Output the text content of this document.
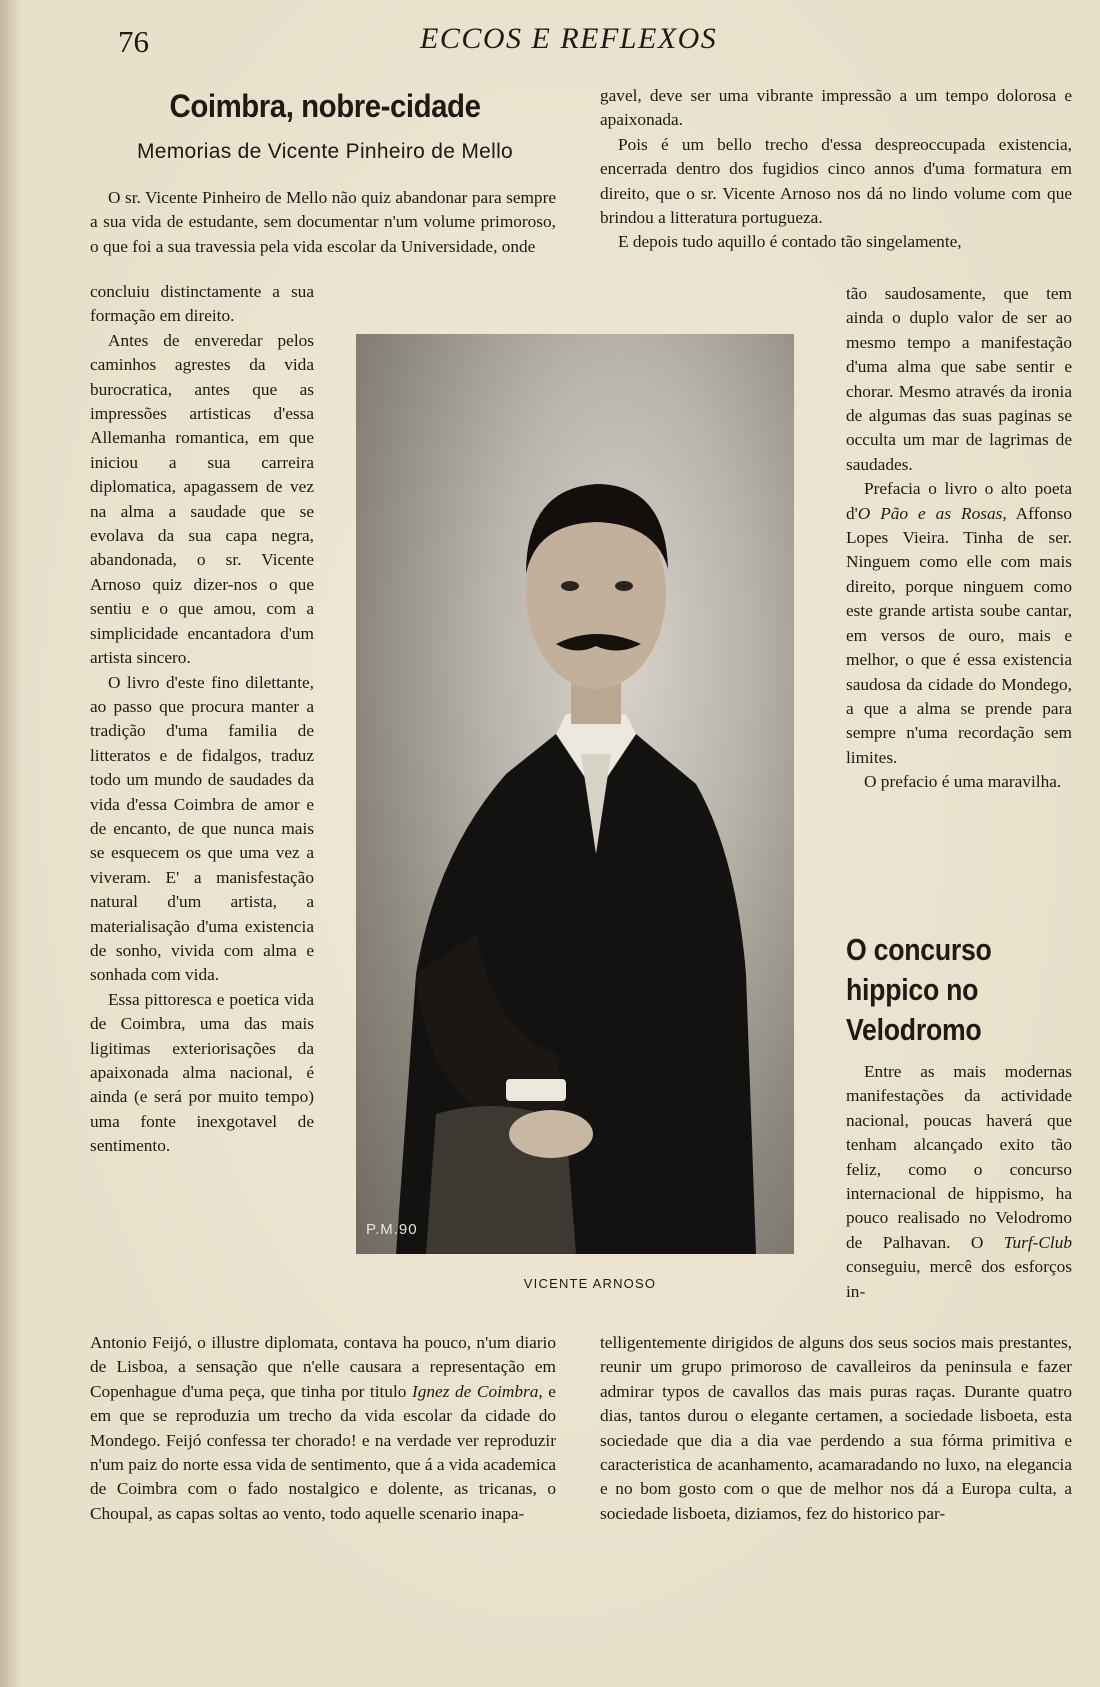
76	ECCOS E REFLEXOS

Coimbra, nobre-cidade
Memorias de Vicente Pinheiro de Mello

O sr. Vicente Pinheiro de Mello não quiz abandonar para sempre a sua vida de estudante, sem documentar n'um volume primoroso, o que foi a sua travessia pela vida escolar da Universidade, onde

concluiu distinctamente a sua formação em direito.

Antes de enveredar pelos caminhos agrestes da vida burocratica, antes que as impressões artisticas d'essa Allemanha romantica, em que iniciou a sua carreira diplomatica, apagassem de vez na alma a saudade que se evolava da sua capa negra, abandonada, o sr. Vicente Arnoso quiz dizer-nos o que sentiu e o que amou, com a simplicidade encantadora d'um artista sincero.

O livro d'este fino dilettante, ao passo que procura manter a tradição d'uma familia de litteratos e de fidalgos, traduz todo um mundo de saudades da vida d'essa Coimbra de amor e de encanto, de que nunca mais se esquecem os que uma vez a viveram. E' a manisfestação natural d'um artista, a materialisação d'uma existencia de sonho, vivida com alma e sonhada com vida.

Essa pittoresca e poetica vida de Coimbra, uma das mais ligitimas exteriorisações da apaixonada alma nacional, é ainda (e será por muito tempo) uma fonte inexgotavel de sentimento.

Antonio Feijó, o illustre diplomata, contava ha pouco, n'um diario de Lisboa, a sensação que n'elle causara a representação em Copenhague d'uma peça, que tinha por titulo Ignez de Coimbra, e em que se reproduzia um trecho da vida escolar da cidade do Mondego. Feijó confessa ter chorado! e na verdade ver reproduzir n'um paiz do norte essa vida de sentimento, que á a vida academica de Coimbra com o fado nostalgico e dolente, as tricanas, o Choupal, as capas soltas ao vento, todo aquelle scenario inapa-

gavel, deve ser uma vibrante impressão a um tempo dolorosa e apaixonada.

Pois é um bello trecho d'essa despreoccupada existencia, encerrada dentro dos fugidios cinco annos d'uma formatura em direito, que o sr. Vicente Arnoso nos dá no lindo volume com que brindou a litteratura portugueza.

E depois tudo aquillo é contado tão singelamente,

tão saudosamente, que tem ainda o duplo valor de ser ao mesmo tempo a manifestação d'uma alma que sabe sentir e chorar. Mesmo através da ironia de algumas das suas paginas se occulta um mar de lagrimas de saudades.

Prefacia o livro o alto poeta d'O Pão e as Rosas, Affonso Lopes Vieira. Tinha de ser. Ninguem como elle com mais direito, porque ninguem como este grande artista soube cantar, em versos de ouro, mais e melhor, o que é essa existencia saudosa da cidade do Mondego, a que a alma se prende para sempre n'uma recordação sem limites.

O prefacio é uma maravilha.

O concurso hippico no Velodromo

Entre as mais modernas manifestações da actividade nacional, poucas haverá que tenham alcançado exito tão feliz, como o concurso internacional de hippismo, ha pouco realisado no Velodromo de Palhavan. O Turf-Club conseguiu, mercê dos esforços in-

telligentemente dirigidos de alguns dos seus socios mais prestantes, reunir um grupo primoroso de cavalleiros da peninsula e fazer admirar typos de cavallos das mais puras raças. Durante quatro dias, tantos durou o elegante certamen, a sociedade lisboeta, esta sociedade que dia a dia vae perdendo a sua fórma primitiva e caracteristica de acanhamento, acamaradando no luxo, na elegancia e no bom gosto com o que de melhor nos dá a Europa culta, a sociedade lisboeta, diziamos, fez do historico par-

P.M.90

VICENTE ARNOSO
